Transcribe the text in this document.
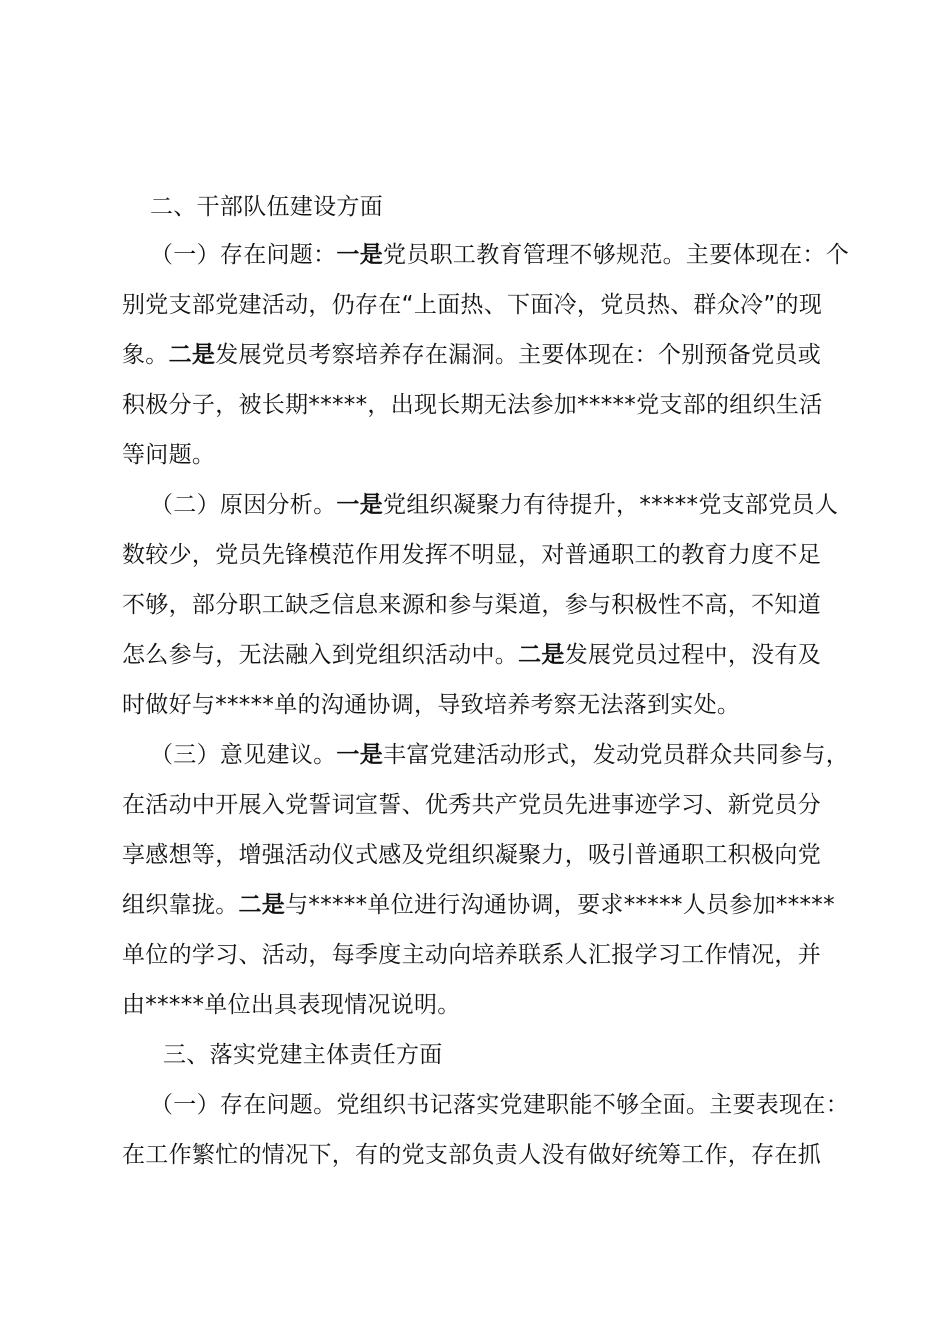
二、干部队伍建设方面
（一）存在问题：一是党员职工教育管理不够规范。主要体现在：个
别党支部党建活动，仍存在“上面热、下面冷，党员热、群众冷”的现
象。二是发展党员考察培养存在漏洞。主要体现在：个别预备党员或
积极分子，被长期*****，出现长期无法参加*****党支部的组织生活
等问题。
（二）原因分析。一是党组织凝聚力有待提升，*****党支部党员人
数较少，党员先锋模范作用发挥不明显，对普通职工的教育力度不足
不够，部分职工缺乏信息来源和参与渠道，参与积极性不高，不知道
怎么参与，无法融入到党组织活动中。二是发展党员过程中，没有及
时做好与*****单的沟通协调，导致培养考察无法落到实处。
（三）意见建议。一是丰富党建活动形式，发动党员群众共同参与，
在活动中开展入党誓词宣誓、优秀共产党员先进事迹学习、新党员分
享感想等，增强活动仪式感及党组织凝聚力，吸引普通职工积极向党
组织靠拢。二是与*****单位进行沟通协调，要求*****人员参加*****
单位的学习、活动，每季度主动向培养联系人汇报学习工作情况，并
由*****单位出具表现情况说明。
三、落实党建主体责任方面
（一）存在问题。党组织书记落实党建职能不够全面。主要表现在：
在工作繁忙的情况下，有的党支部负责人没有做好统筹工作，存在抓
